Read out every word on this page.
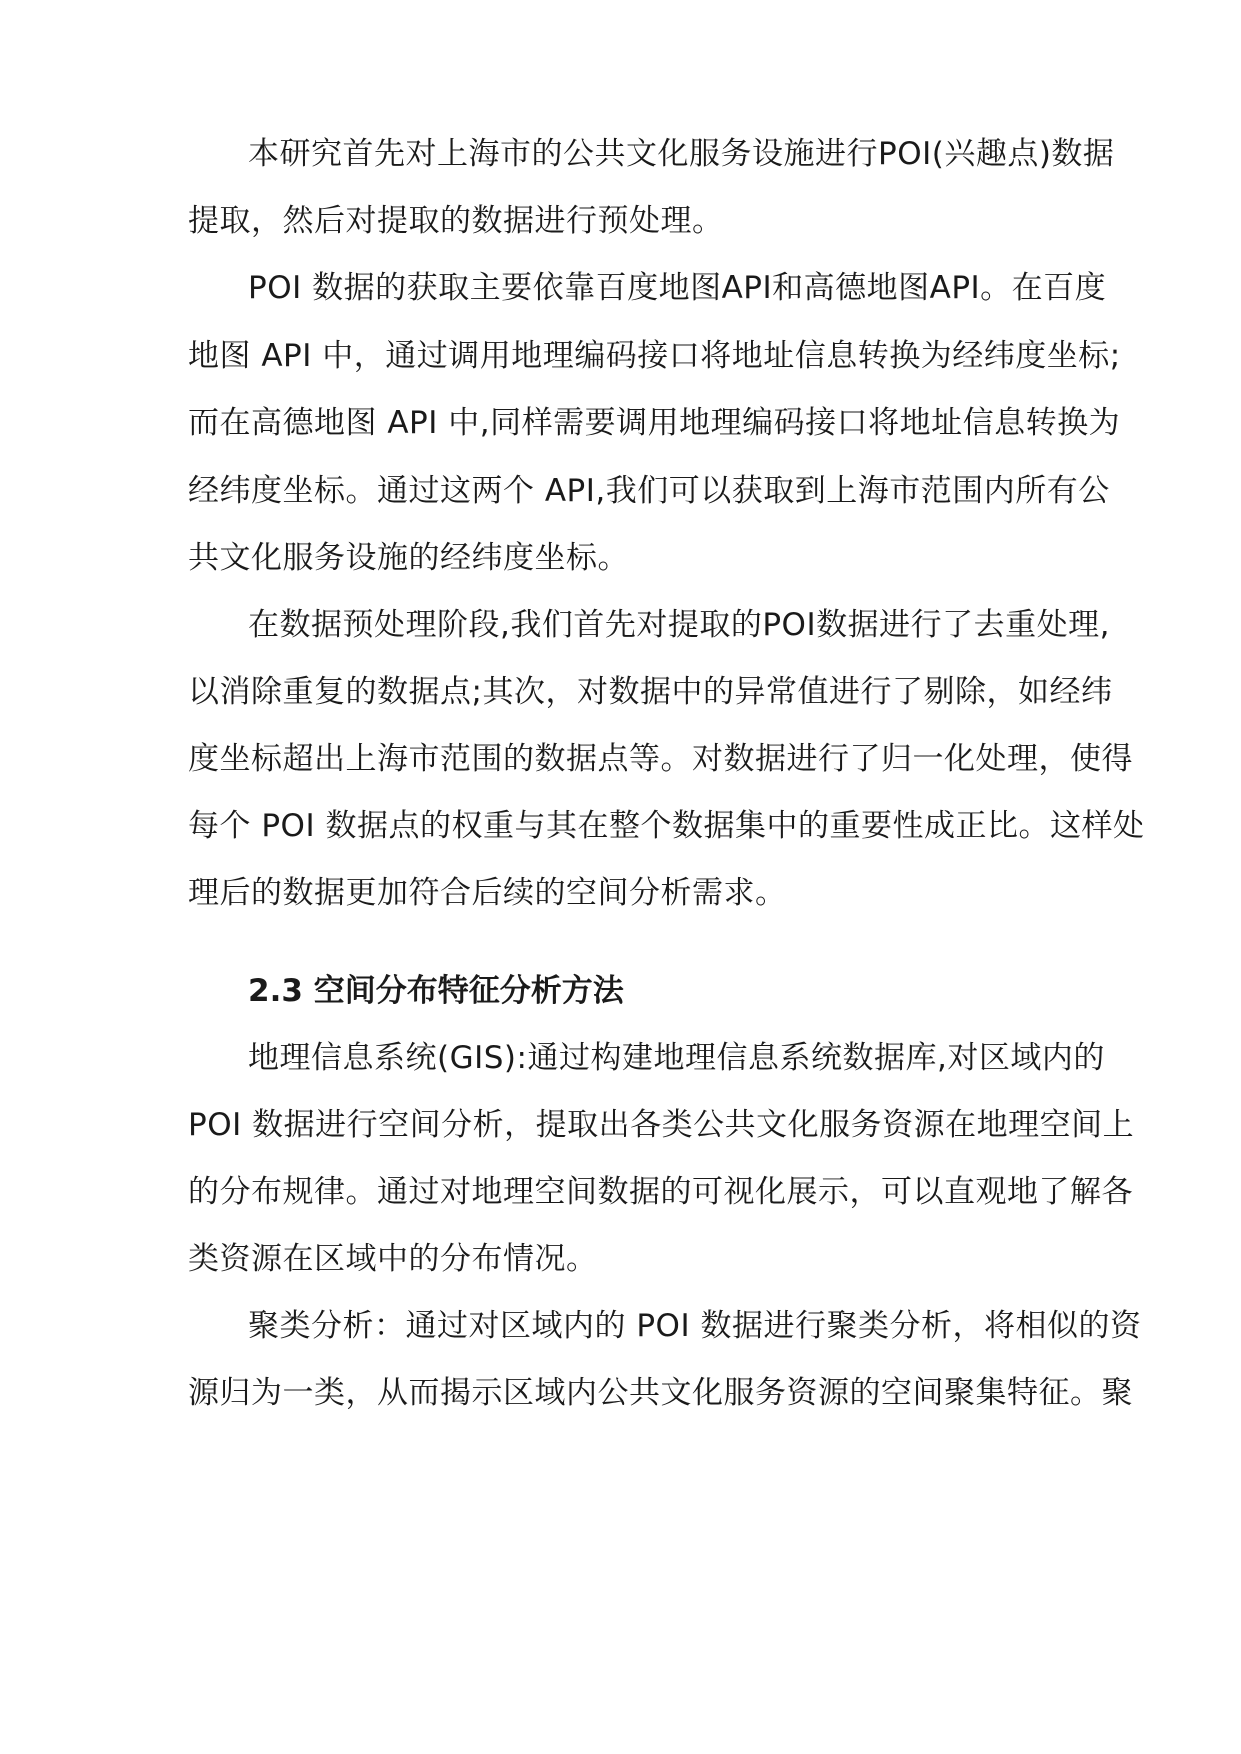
本研究首先对上海市的公共文化服务设施进行POI(兴趣点)数据

提取，然后对提取的数据进行预处理。

POI 数据的获取主要依靠百度地图API和高德地图API。在百度

地图 API 中，通过调用地理编码接口将地址信息转换为经纬度坐标;

而在高德地图 API 中,同样需要调用地理编码接口将地址信息转换为

经纬度坐标。通过这两个 API,我们可以获取到上海市范围内所有公

共文化服务设施的经纬度坐标。

在数据预处理阶段,我们首先对提取的POI数据进行了去重处理,

以消除重复的数据点;其次，对数据中的异常值进行了剔除，如经纬

度坐标超出上海市范围的数据点等。对数据进行了归一化处理，使得

每个 POI 数据点的权重与其在整个数据集中的重要性成正比。这样处

理后的数据更加符合后续的空间分析需求。

2.3 空间分布特征分析方法

地理信息系统(GIS):通过构建地理信息系统数据库,对区域内的

POI 数据进行空间分析，提取出各类公共文化服务资源在地理空间上

的分布规律。通过对地理空间数据的可视化展示，可以直观地了解各

类资源在区域中的分布情况。

聚类分析：通过对区域内的 POI 数据进行聚类分析，将相似的资

源归为一类，从而揭示区域内公共文化服务资源的空间聚集特征。聚
